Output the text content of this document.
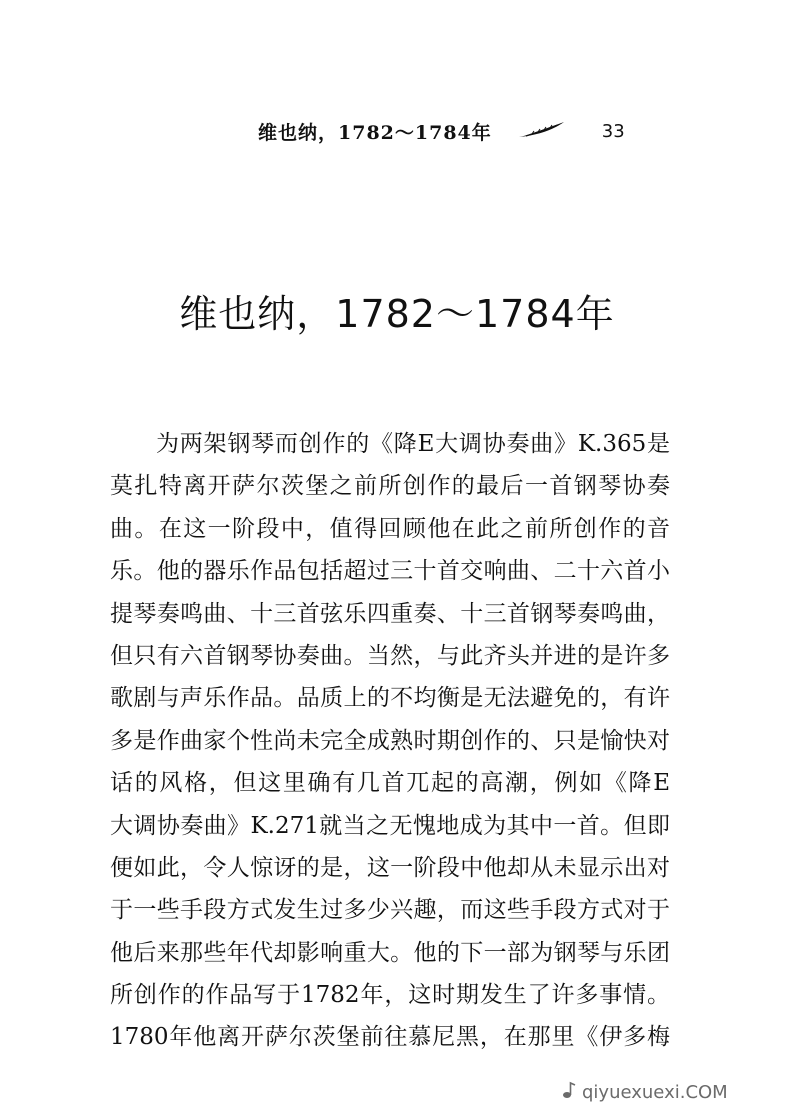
维也纳，1782～1784年	33
维也纳，1782～1784年
为两架钢琴而创作的《降E大调协奏曲》K.365是
莫扎特离开萨尔茨堡之前所创作的最后一首钢琴协奏
曲。在这一阶段中，值得回顾他在此之前所创作的音
乐。他的器乐作品包括超过三十首交响曲、二十六首小
提琴奏鸣曲、十三首弦乐四重奏、十三首钢琴奏鸣曲，
但只有六首钢琴协奏曲。当然，与此齐头并进的是许多
歌剧与声乐作品。品质上的不均衡是无法避免的，有许
多是作曲家个性尚未完全成熟时期创作的、只是愉快对
话的风格，但这里确有几首兀起的高潮，例如《降E
大调协奏曲》K.271就当之无愧地成为其中一首。但即
便如此，令人惊讶的是，这一阶段中他却从未显示出对
于一些手段方式发生过多少兴趣，而这些手段方式对于
他后来那些年代却影响重大。他的下一部为钢琴与乐团
所创作的作品写于1782年，这时期发生了许多事情。
1780年他离开萨尔茨堡前往慕尼黑，在那里《伊多梅
qiyuexuexi.COM
